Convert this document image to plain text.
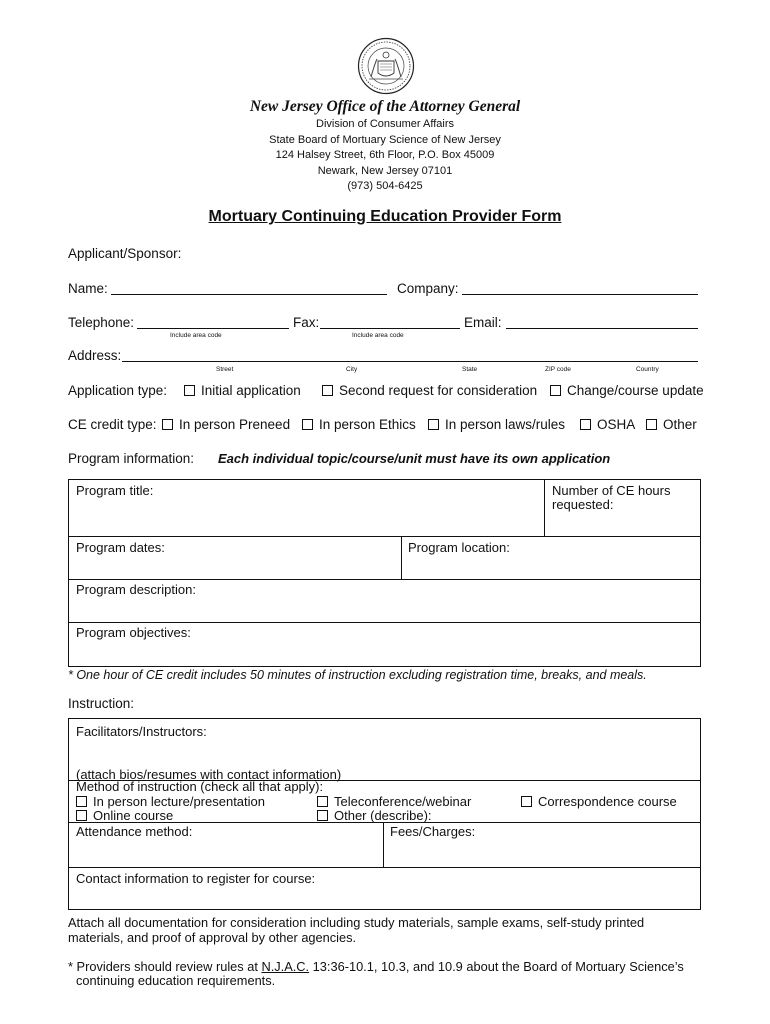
New Jersey Office of the Attorney General
Division of Consumer Affairs
State Board of Mortuary Science of New Jersey
124 Halsey Street, 6th Floor, P.O. Box 45009
Newark, New Jersey 07101
(973) 504-6425
Mortuary Continuing Education Provider Form
Applicant/Sponsor:
Name:	Company:
Telephone:
Include area code
Fax:
Include area code
Email:
Address:
Street	City	State	ZIP code	Country
Application type:	Initial application	Second request for consideration	Change/course update
CE credit type:	In person Preneed	In person Ethics	In person laws/rules	OSHA	Other
Program information: Each individual topic/course/unit must have its own application
Program title:	Number of CE hours
requested:
Program dates:	Program location:
Program description:
Program objectives:
* One hour of CE credit includes 50 minutes of instruction excluding registration time, breaks, and meals.
Instruction:
Facilitators/Instructors:
(attach bios/resumes with contact information)
Method of instruction (check all that apply):
In person lecture/presentation	Teleconference/webinar	Correspondence course
Online course	Other (describe):
Attendance method:	Fees/Charges:
Contact information to register for course:
Attach all documentation for consideration including study materials, sample exams, self-study printed
materials, and proof of approval by other agencies.
* Providers should review rules at N.J.A.C. 13:36-10.1, 10.3, and 10.9 about the Board of Mortuary Science’s
continuing education requirements.
